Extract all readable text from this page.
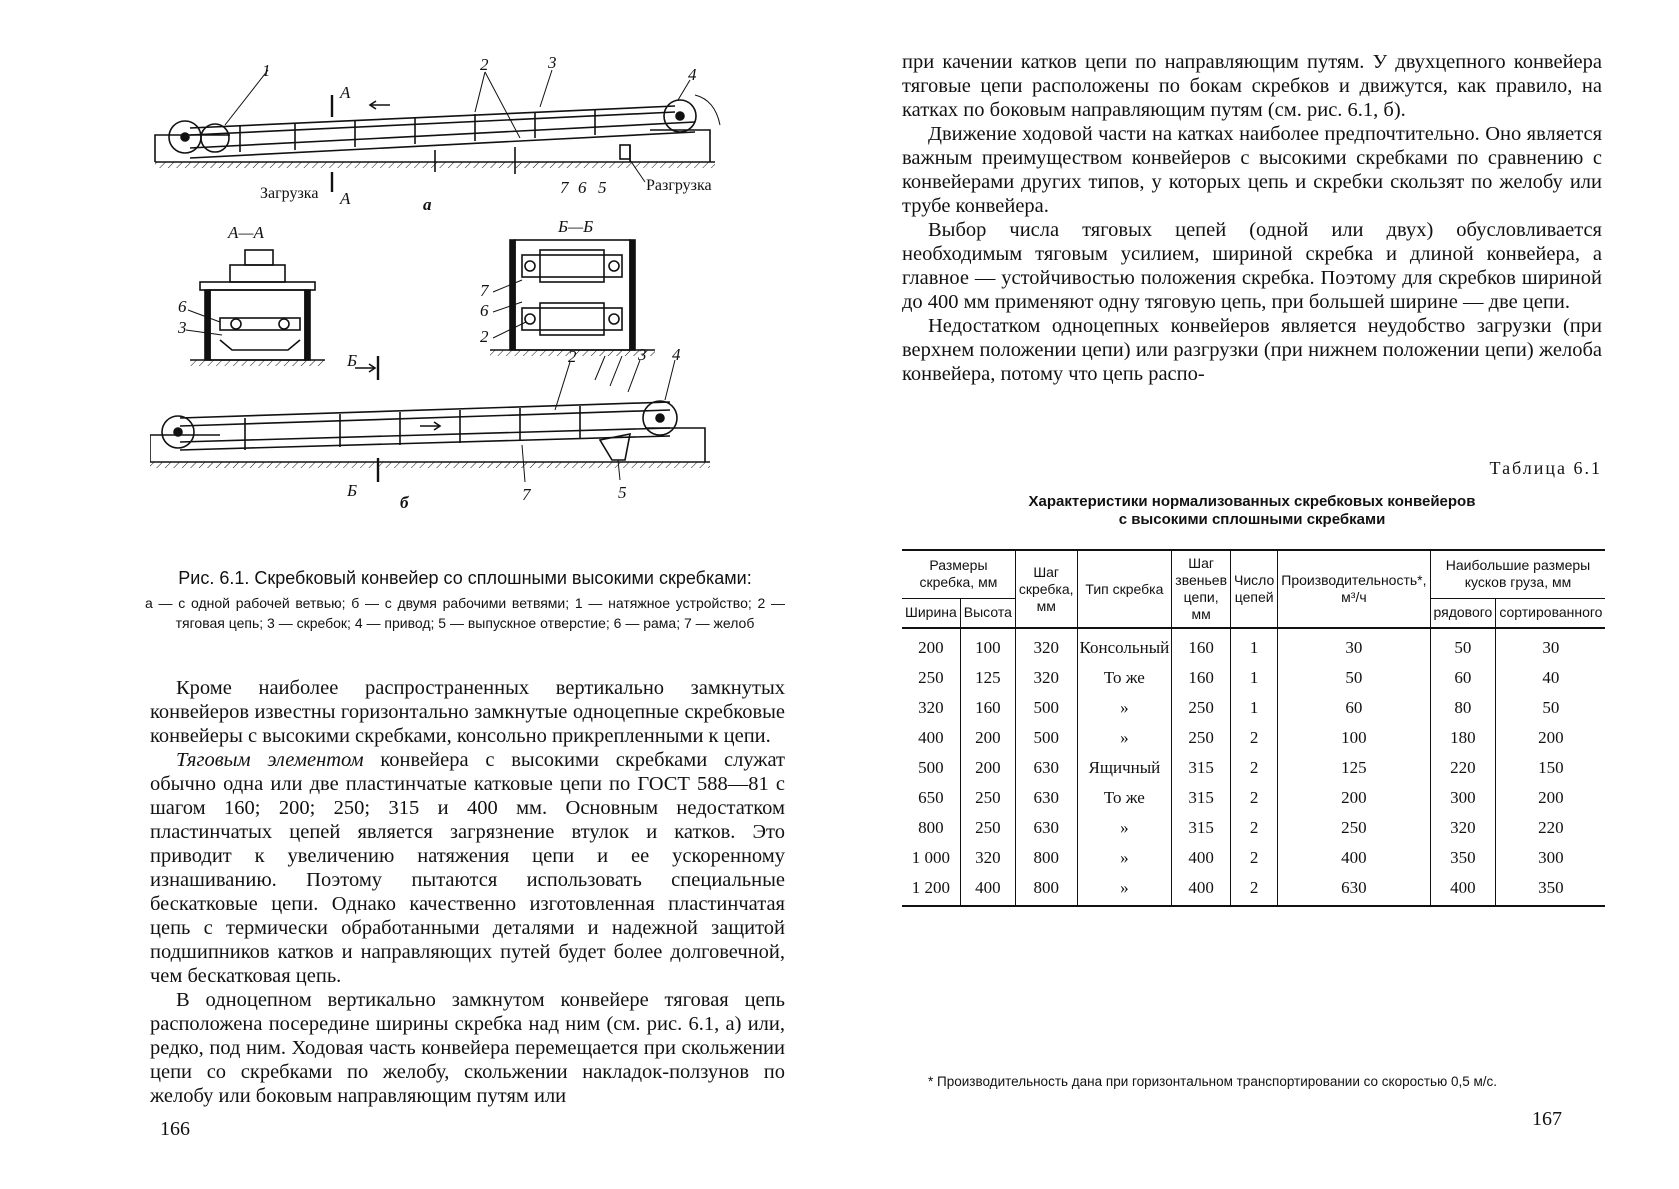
1	2	3
4
7 6 5
А
А
Загрузка	Разгрузка
а
А—А
6
3
Б—Б
7
6
2
2	3 4
7	5
Б
Б
б
Рис. 6.1. Скребковый конвейер со сплошными высокими скребками:
а — с одной рабочей ветвью; б — с двумя рабочими ветвями; 1 — натяжное устройство; 2 — тяговая цепь; 3 — скребок; 4 — привод; 5 — выпускное отверстие; 6 — рама; 7 — желоб

Кроме наиболее распространенных вертикально замкнутых конвейеров известны горизонтально замкнутые одноцепные скребковые конвейеры с высокими скребками, консольно прикрепленными к цепи.

Тяговым элементом конвейера с высокими скребками служат обычно одна или две пластинчатые катковые цепи по ГОСТ 588—81 с шагом 160; 200; 250; 315 и 400 мм. Основным недостатком пластинчатых цепей является загрязнение втулок и катков. Это приводит к увеличению натяжения цепи и ее ускоренному изнашиванию. Поэтому пытаются использовать специальные бескатковые цепи. Однако качественно изготовленная пластинчатая цепь с термически обработанными деталями и надежной защитой подшипников катков и направляющих путей будет более долговечной, чем бескатковая цепь.

В одноцепном вертикально замкнутом конвейере тяговая цепь расположена посередине ширины скребка над ним (см. рис. 6.1, а) или, редко, под ним. Ходовая часть конвейера перемещается при скольжении цепи со скребками по желобу, скольжении накладок-ползунов по желобу или боковым направляющим путям или

166

при качении катков цепи по направляющим путям. У двухцепного конвейера тяговые цепи расположены по бокам скребков и движутся, как правило, на катках по боковым направляющим путям (см. рис. 6.1, б).

Движение ходовой части на катках наиболее предпочтительно. Оно является важным преимуществом конвейеров с высокими скребками по сравнению с конвейерами других типов, у которых цепь и скребки скользят по желобу или трубе конвейера.

Выбор числа тяговых цепей (одной или двух) обусловливается необходимым тяговым усилием, шириной скребка и длиной конвейера, а главное — устойчивостью положения скребка. Поэтому для скребков шириной до 400 мм применяют одну тяговую цепь, при большей ширине — две цепи.

Недостатком одноцепных конвейеров является неудобство загрузки (при верхнем положении цепи) или разгрузки (при нижнем положении цепи) желоба конвейера, потому что цепь распо-

Таблица 6.1
Характеристики нормализованных скребковых конвейеров
с высокими сплошными скребками
Размеры скребка, мм		Шаг скребка, мм	Тип скребка	Шаг звеньев цепи, мм	Число цепей	Производительность*, м³/ч	Наибольшие размеры кусков груза, мм	
Ширина	Высота						рядового	сортированного
200	100	320	Консольный	160	1	30	50	30
250	125	320	То же	160	1	50	60	40
320	160	500	»	250	1	60	80	50
400	200	500	»	250	2	100	180	200
500	200	630	Ящичный	315	2	125	220	150
650	250	630	То же	315	2	200	300	200
800	250	630	»	315	2	250	320	220
1 000	320	800	»	400	2	400	350	300
1 200	400	800	»	400	2	630	400	350
* Производительность дана при горизонтальном транспортировании со скоростью 0,5 м/с.
167
